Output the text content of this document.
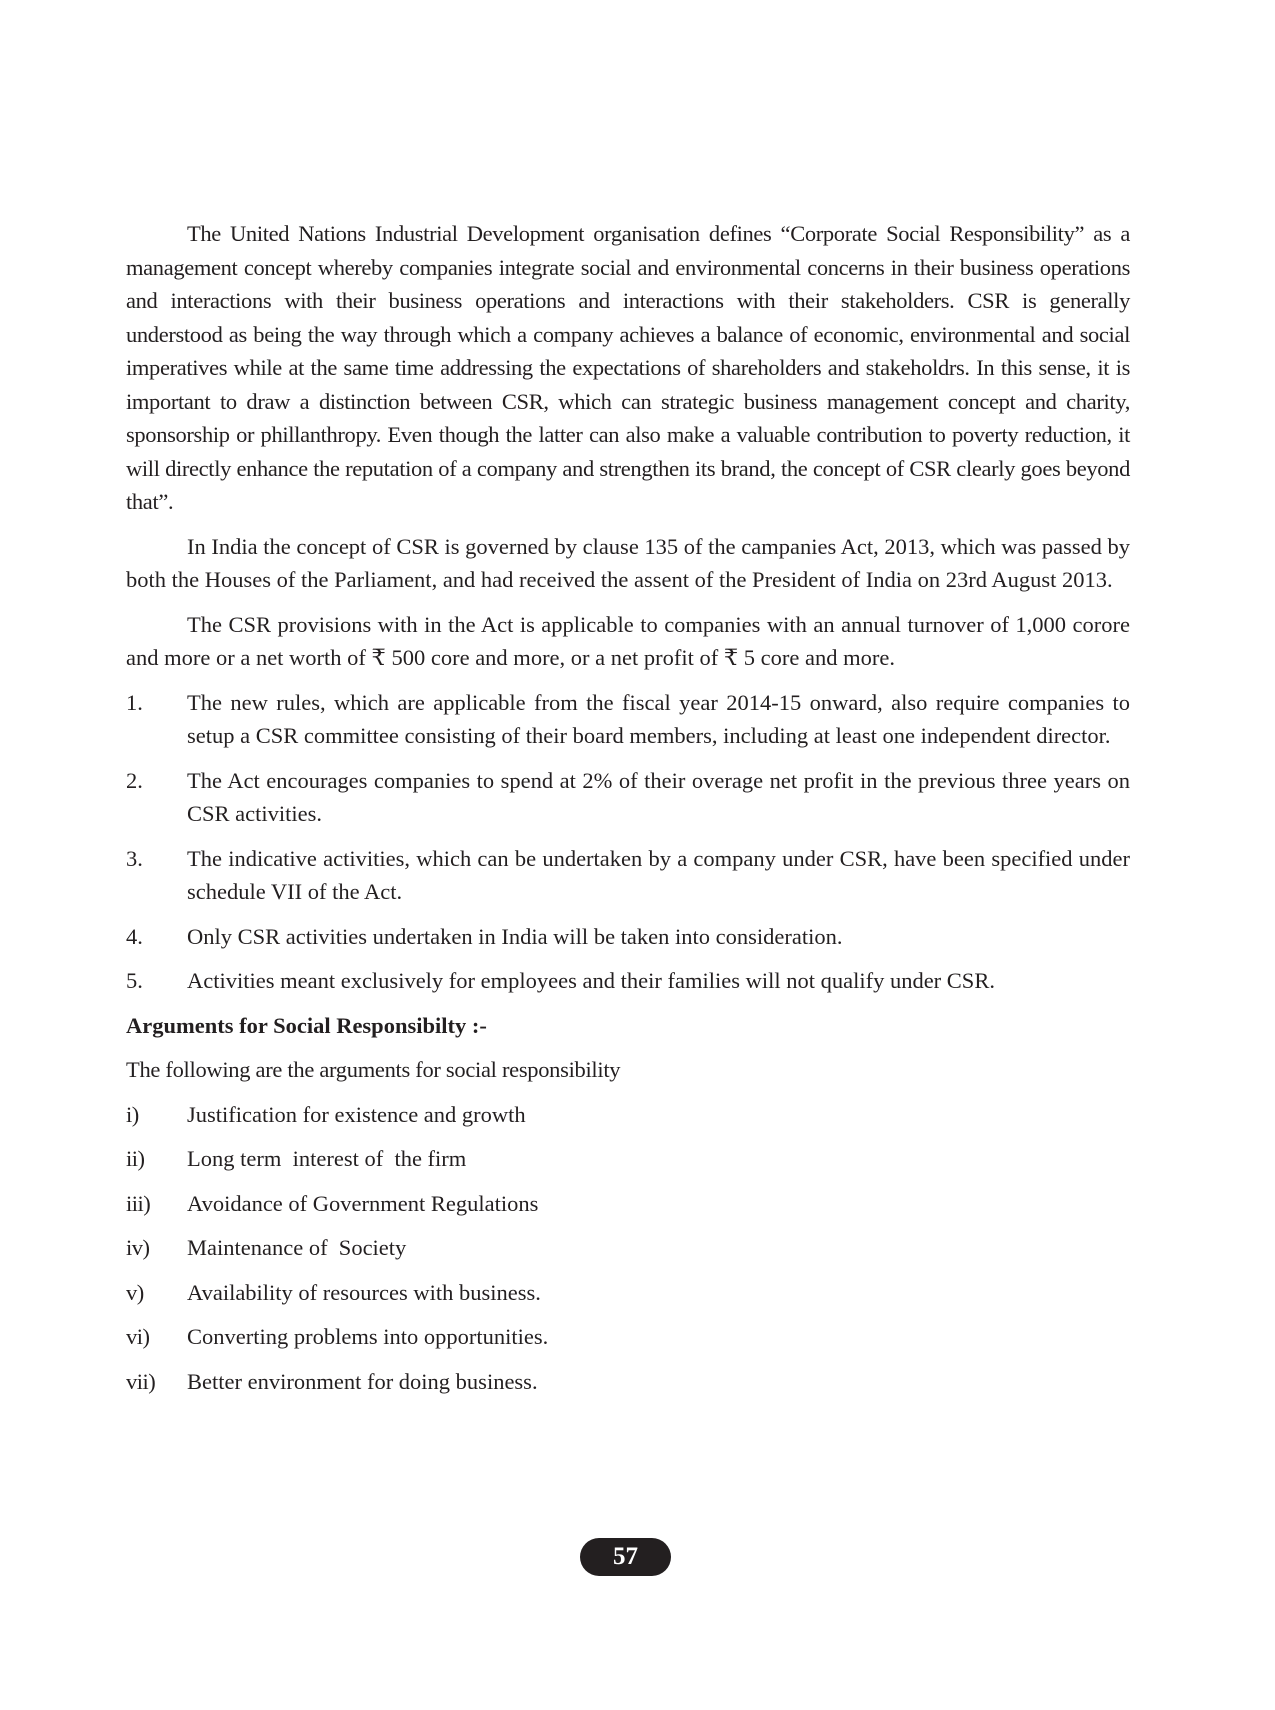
The United Nations Industrial Development organisation defines “Corporate Social Responsibility” as a management concept whereby companies integrate social and environmental concerns in their business operations and interactions with their business operations and interactions with their stakeholders. CSR is generally understood as being the way through which a company achieves a balance of economic, environmental and social imperatives while at the same time addressing the expectations of shareholders and stakeholdrs. In this sense, it is important to draw a distinction between CSR, which can strategic business management concept and charity, sponsorship or phillanthropy. Even though the latter can also make a valuable contribution to poverty reduction, it will directly enhance the reputation of a company and strengthen its brand, the concept of CSR clearly goes beyond that”.

In India the concept of CSR is governed by clause 135 of the campanies Act, 2013, which was passed by both the Houses of the Parliament, and had received the assent of the President of India on 23rd August 2013.

The CSR provisions with in the Act is applicable to companies with an annual turnover of 1,000 corore and more or a net worth of ₹ 500 core and more, or a net profit of ₹ 5 core and more.

1.	The new rules, which are applicable from the fiscal year 2014-15 onward, also require companies to setup a CSR committee consisting of their board members, including at least one independent director.
2.	The Act encourages companies to spend at 2% of their overage net profit in the previous three years on CSR activities.
3.	The indicative activities, which can be undertaken by a company under CSR, have been specified under schedule VII of the Act.
4.	Only CSR activities undertaken in India will be taken into consideration.
5.	Activities meant exclusively for employees and their families will not qualify under CSR.

Arguments for Social Responsibilty :-

The following are the arguments for social responsibility

i)	Justification for existence and growth
ii)	Long term  interest of  the firm
iii)	Avoidance of Government Regulations
iv)	Maintenance of  Society
v)	Availability of resources with business.
vi)	Converting problems into opportunities.
vii)	Better environment for doing business.
57
